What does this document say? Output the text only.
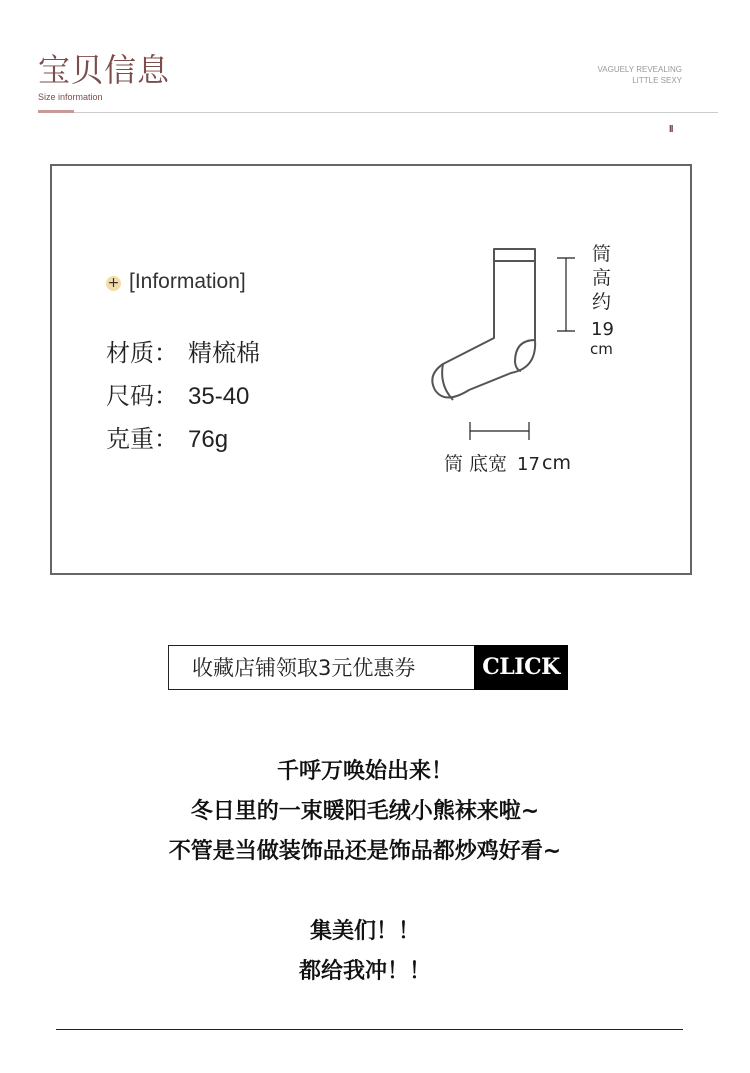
宝贝信息
Size information
VAGUELY REVEALING
LITTLE SEXY
II
+ [Information]
材质： 精梳棉
尺码： 35-40
克重： 76g
筒
高
约
19
cm
筒 底宽 17 cm
收藏店铺领取3元优惠券	CLICK
千呼万唤始出来！
冬日里的一束暖阳毛绒小熊袜来啦~
不管是当做装饰品还是饰品都炒鸡好看~
集美们！！
都给我冲！！
